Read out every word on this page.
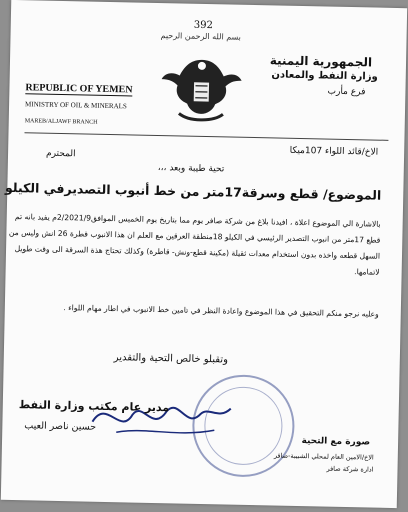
392
بسم الله الرحمن الرحيم
REPUBLIC OF YEMEN
MINISTRY OF OIL & MINERALS
MAREB/ALJAWF BRANCH
الجمهورية اليمنية
وزارة النفط والمعادن
فرع مأرب
الاخ/قائد اللواء 107ميكا
المحترم
تحية طيبة وبعد ،،،
الموضوع/ قطع وسرقة17متر من خط أنبوب التصديرفي الكيلو
بالاشارة الي الموضوع اعلاة ، افيدنا بلاغ من شركة صافر يوم مما بتاريخ يوم الخميس الموافق2/2021/9م يفيد بانه تم
قطع 17متر من انبوب التصدير الرئيسي في الكيلو 18منطقة العرقين مع العلم ان هذا الانبوب قطرة 26 انش وليس من
السهل قطعه واخذه بدون استخدام معدات ثقيلة (مكينة قطع-ونش- قاطرة) وكذلك تحتاج هذة السرقة الى وقت طويل
لاتمامها.
وعليه نرجو منكم التحقيق في هذا الموضوع واعادة النظر في تامين خط الانبوب في اطار مهام اللواء .
وتقبلو خالص التحية والتقدير
مدير عام مكتب وزارة النفط
حسين ناصر العيب
صورة مع التحية
الاخ/الامين العام لمحلي الشبيبة-صافر
ادارة شركة صافر
